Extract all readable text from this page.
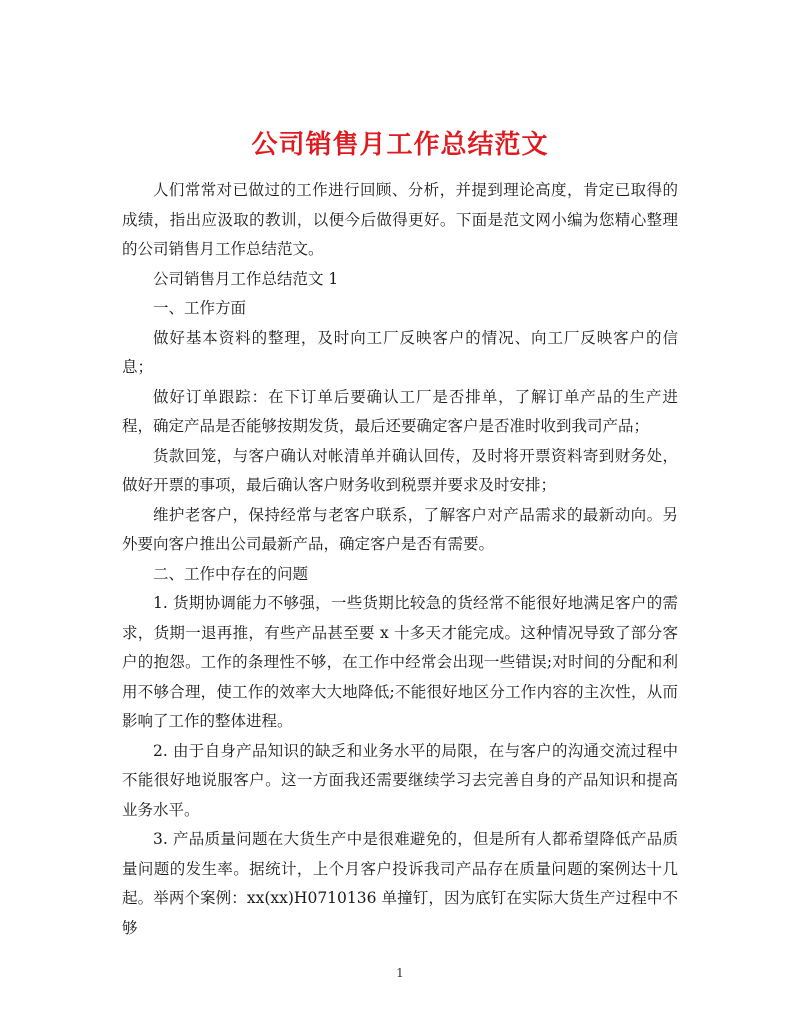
公司销售月工作总结范文

人们常常对已做过的工作进行回顾、分析，并提到理论高度，肯定已取得的成绩，指出应汲取的教训，以便今后做得更好。下面是范文网小编为您精心整理的公司销售月工作总结范文。

公司销售月工作总结范文 1

一、工作方面

做好基本资料的整理，及时向工厂反映客户的情况、向工厂反映客户的信息；

做好订单跟踪：在下订单后要确认工厂是否排单，了解订单产品的生产进程，确定产品是否能够按期发货，最后还要确定客户是否准时收到我司产品；

货款回笼，与客户确认对帐清单并确认回传，及时将开票资料寄到财务处，做好开票的事项，最后确认客户财务收到税票并要求及时安排；

维护老客户，保持经常与老客户联系，了解客户对产品需求的最新动向。另外要向客户推出公司最新产品，确定客户是否有需要。

二、工作中存在的问题

1. 货期协调能力不够强，一些货期比较急的货经常不能很好地满足客户的需求，货期一退再推，有些产品甚至要 x 十多天才能完成。这种情况导致了部分客户的抱怨。工作的条理性不够，在工作中经常会出现一些错误;对时间的分配和利用不够合理，使工作的效率大大地降低;不能很好地区分工作内容的主次性，从而影响了工作的整体进程。

2. 由于自身产品知识的缺乏和业务水平的局限，在与客户的沟通交流过程中不能很好地说服客户。这一方面我还需要继续学习去完善自身的产品知识和提高业务水平。

3. 产品质量问题在大货生产中是很难避免的，但是所有人都希望降低产品质量问题的发生率。据统计，上个月客户投诉我司产品存在质量问题的案例达十几起。举两个案例：xx(xx)H0710136 单撞钉，因为底钉在实际大货生产过程中不够

1
